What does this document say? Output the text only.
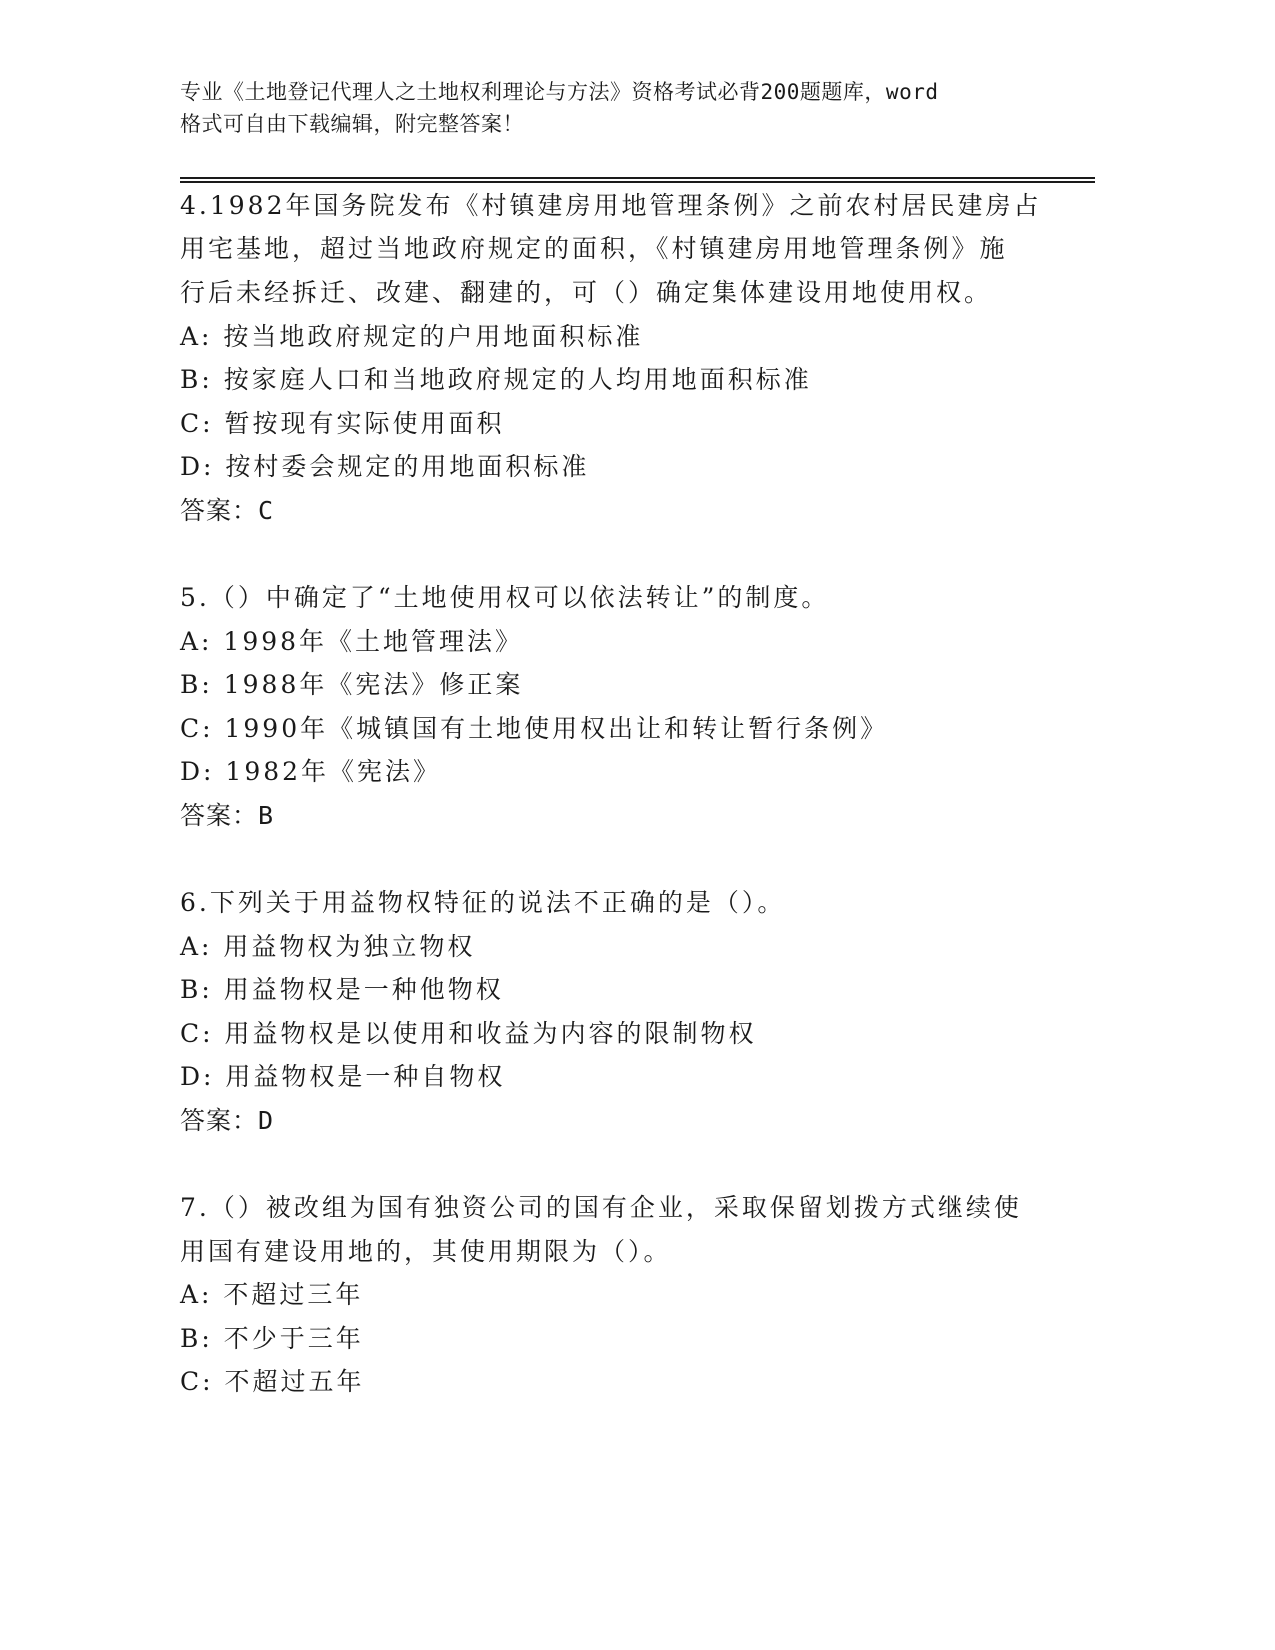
专业《土地登记代理人之土地权利理论与方法》资格考试必背200题题库，word
格式可自由下载编辑，附完整答案！
4.1982年国务院发布《村镇建房用地管理条例》之前农村居民建房占
用宅基地，超过当地政府规定的面积，《村镇建房用地管理条例》施
行后未经拆迁、改建、翻建的，可（）确定集体建设用地使用权。
A: 按当地政府规定的户用地面积标准
B: 按家庭人口和当地政府规定的人均用地面积标准
C: 暂按现有实际使用面积
D: 按村委会规定的用地面积标准
答案：C
5.（）中确定了“土地使用权可以依法转让”的制度。
A: 1998年《土地管理法》
B: 1988年《宪法》修正案
C: 1990年《城镇国有土地使用权出让和转让暂行条例》
D: 1982年《宪法》
答案：B
6.下列关于用益物权特征的说法不正确的是（）。
A: 用益物权为独立物权
B: 用益物权是一种他物权
C: 用益物权是以使用和收益为内容的限制物权
D: 用益物权是一种自物权
答案：D
7.（）被改组为国有独资公司的国有企业，采取保留划拨方式继续使
用国有建设用地的，其使用期限为（）。
A: 不超过三年
B: 不少于三年
C: 不超过五年
